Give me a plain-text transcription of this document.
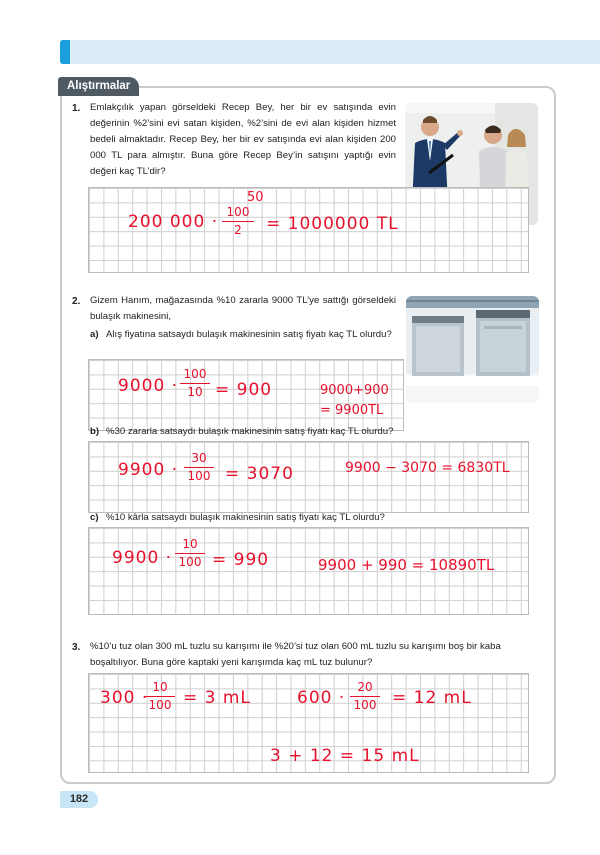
Alıştırmalar
1. Emlakçılık yapan görseldeki Recep Bey, her bir ev satışında evin değerinin %2’sini evi satan kişiden, %2’sini de evi alan kişiden hizmet bedeli almaktadır. Recep Bey, her bir ev satışında evi alan kişiden 200 000 TL para almıştır. Buna göre Recep Bey’in satışını yaptığı evin değeri kaç TL’dir?
200 000 ·
50
100
2	= 1000000 TL
2. Gizem Hanım, mağazasında %10 zararla 9000 TL’ye sattığı görseldeki bulaşık makinesini,
a) Alış fiyatına satsaydı bulaşık makinesinin satış fiyatı kaç TL olurdu?
9000 ·
100
10 = 900	9000+900
= 9900TL
b) %30 zararla satsaydı bulaşık makinesinin satış fiyatı kaç TL olurdu?
9900 ·
30
100 = 3070	9900 − 3070 = 6830TL
c) %10 kârla satsaydı bulaşık makinesinin satış fiyatı kaç TL olurdu?
9900 ·
10
100 = 990	9900 + 990 = 10890TL
3. %10’u tuz olan 300 mL tuzlu su karışımı ile %20’si tuz olan 600 mL tuzlu su karışımı boş bir kaba boşaltılıyor. Buna göre kaptaki yeni karışımda kaç mL tuz bulunur?
300 ·
10
100 = 3 mL	600 ·
20
100 = 12 mL
3 + 12 = 15 mL
182
